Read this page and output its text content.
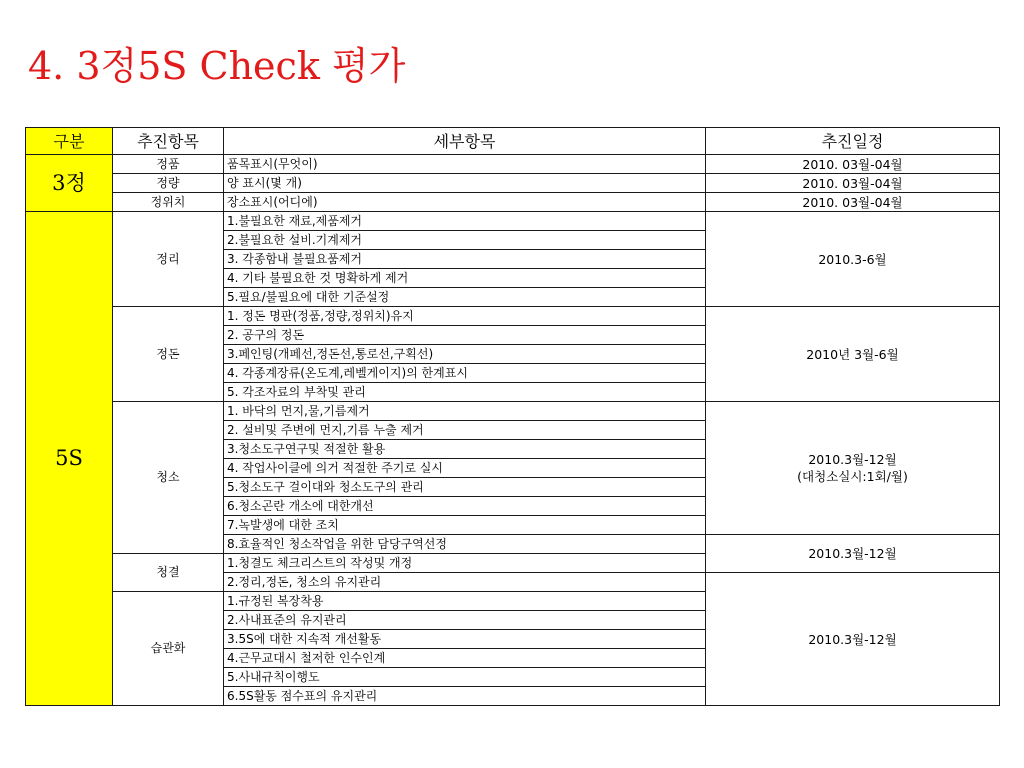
4. 3정5S Check 평가
구분	추진항목	세부항목	추진일정
3정	정품	품목표시(무엇이)	2010. 03월-04월
	정량	양 표시(몇 개)	2010. 03월-04월
	정위치	장소표시(어디에)	2010. 03월-04월
5S	정리	1.불필요한 재료,제품제거	2010.3-6월
		2.불필요한 설비.기계제거	
		3. 각종함내 불필요품제거	
		4. 기타 불필요한 것 명확하게 제거	
		5.필요/불필요에 대한 기준설정	
	정돈	1. 정돈 명판(정품,정량,정위치)유지	2010년 3월-6월
		2. 공구의 정돈	
		3.페인팅(개페선,정돈선,통로선,구획선)	
		4. 각종계장류(온도계,레벨게이지)의 한계표시	
		5. 각조자료의 부착및 관리	
	청소	1. 바닥의 먼지,물,기름제거	2010.3월-12월
(대청소실시:1회/월)

		2. 설비및 주변에 먼지,기름 누출 제거	
		3.청소도구연구및 적절한 활용	
		4. 작업사이클에 의거 적절한 주기로 실시	
		5.청소도구 걸이대와 청소도구의 관리	
		6.청소곤란 개소에 대한개선	
		7.녹발생에 대한 조치	
		8.효율적인 청소작업을 위한 담당구역선정	2010.3월-12월
	청결	1.청결도 체크리스트의 작성및 개정	
		2.정리,정돈, 청소의 유지관리	2010.3월-12월
	습관화	1.규정된 복장착용	
		2.사내표준의 유지관리	
		3.5S에 대한 지속적 개선활동	
		4.근무교대시 철저한 인수인계	
		5.사내규칙이행도	
		6.5S활동 점수표의 유지관리	
